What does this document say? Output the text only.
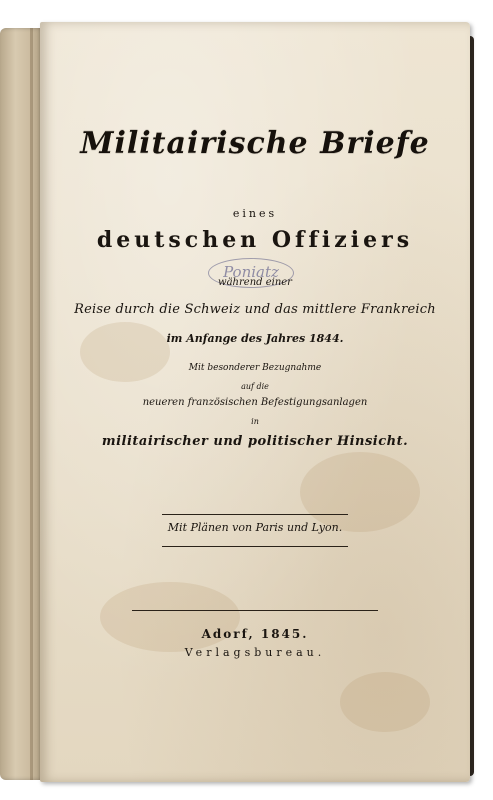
Militairische Briefe
eines
deutschen Offiziers
Poniatz
während einer
Reise durch die Schweiz und das mittlere Frankreich
im Anfange des Jahres 1844.
Mit besonderer Bezugnahme
auf die
neueren französischen Befestigungsanlagen
in
militairischer und politischer Hinsicht.
Mit Plänen von Paris und Lyon.
Adorf, 1845.
Verlagsbureau.
